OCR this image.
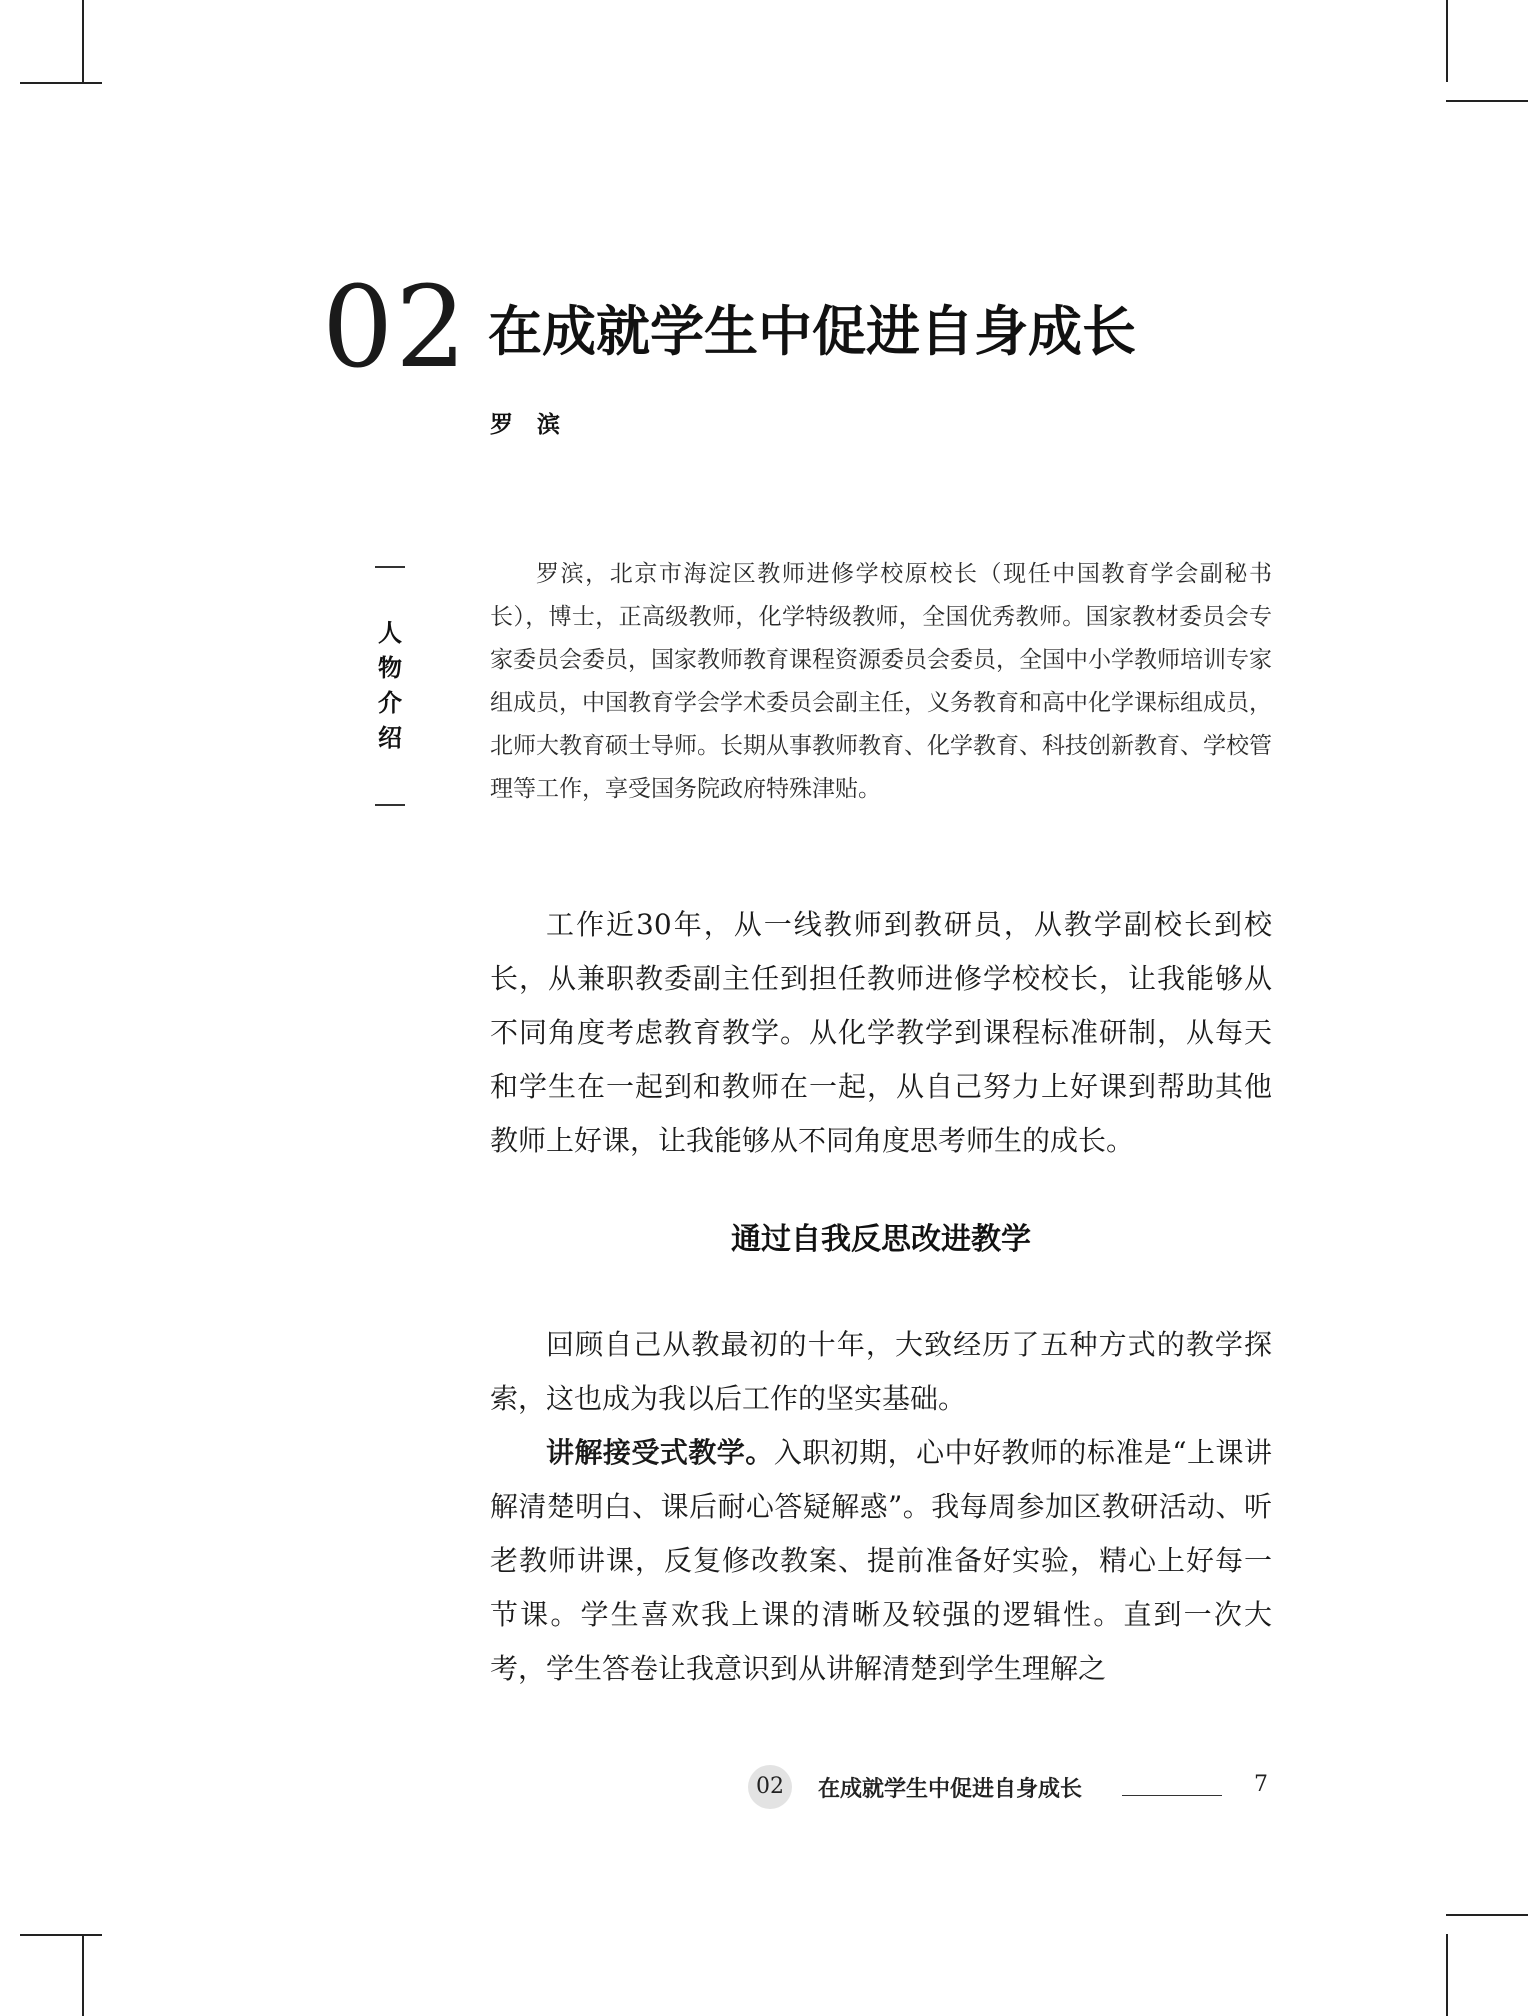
02 在成就学生中促进自身成长
罗滨
人物介绍

罗滨，北京市海淀区教师进修学校原校长（现任中国教育学会副秘书长），博士，正高级教师，化学特级教师，全国优秀教师。国家教材委员会专家委员会委员，国家教师教育课程资源委员会委员，全国中小学教师培训专家组成员，中国教育学会学术委员会副主任，义务教育和高中化学课标组成员，北师大教育硕士导师。长期从事教师教育、化学教育、科技创新教育、学校管理等工作，享受国务院政府特殊津贴。

工作近30年，从一线教师到教研员，从教学副校长到校长，从兼职教委副主任到担任教师进修学校校长，让我能够从不同角度考虑教育教学。从化学教学到课程标准研制，从每天和学生在一起到和教师在一起，从自己努力上好课到帮助其他教师上好课，让我能够从不同角度思考师生的成长。

通过自我反思改进教学

回顾自己从教最初的十年，大致经历了五种方式的教学探索，这也成为我以后工作的坚实基础。

讲解接受式教学。入职初期，心中好教师的标准是“上课讲解清楚明白、课后耐心答疑解惑”。我每周参加区教研活动、听老教师讲课，反复修改教案、提前准备好实验，精心上好每一节课。学生喜欢我上课的清晰及较强的逻辑性。直到一次大考，学生答卷让我意识到从讲解清楚到学生理解之

02	在成就学生中促进自身成长	7
